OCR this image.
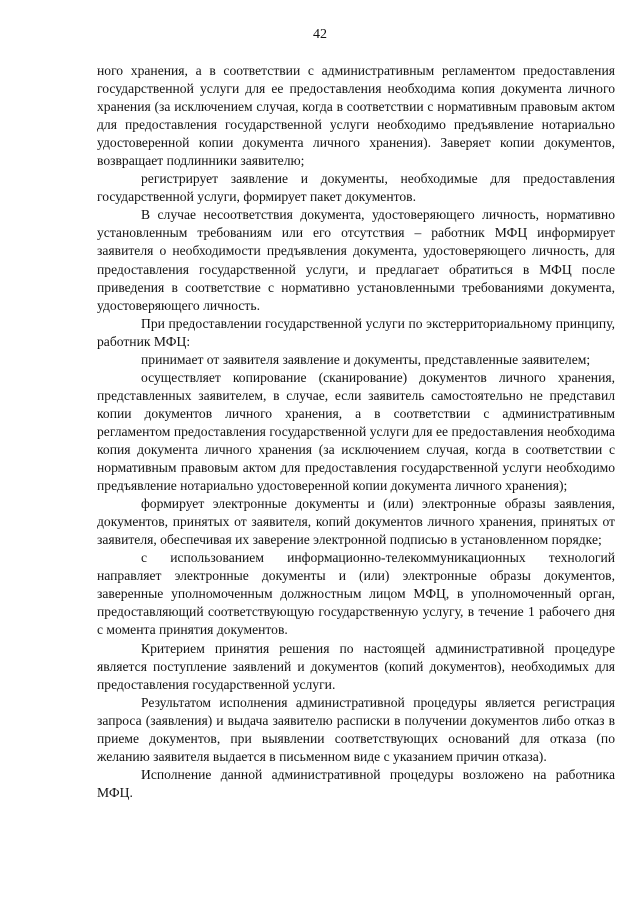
42

ного хранения, а в соответствии с административным регламентом предоставления государственной услуги для ее предоставления необходима копия документа личного хранения (за исключением случая, когда в соответствии с нормативным правовым актом для предоставления государственной услуги необходимо предъявление нотариально удостоверенной копии документа личного хранения). Заверяет копии документов, возвращает подлинники заявителю;

регистрирует заявление и документы, необходимые для предоставления государственной услуги, формирует пакет документов.

В случае несоответствия документа, удостоверяющего личность, нормативно установленным требованиям или его отсутствия – работник МФЦ информирует заявителя о необходимости предъявления документа, удостоверяющего личность, для предоставления государственной услуги, и предлагает обратиться в МФЦ после приведения в соответствие с нормативно установленными требованиями документа, удостоверяющего личность.

При предоставлении государственной услуги по экстерриториальному принципу, работник МФЦ:

принимает от заявителя заявление и документы, представленные заявителем;

осуществляет копирование (сканирование) документов личного хранения, представленных заявителем, в случае, если заявитель самостоятельно не представил копии документов личного хранения, а в соответствии с административным регламентом предоставления государственной услуги для ее предоставления необходима копия документа личного хранения (за исключением случая, когда в соответствии с нормативным правовым актом для предоставления государственной услуги необходимо предъявление нотариально удостоверенной копии документа личного хранения);

формирует электронные документы и (или) электронные образы заявления, документов, принятых от заявителя, копий документов личного хранения, принятых от заявителя, обеспечивая их заверение электронной подписью в установленном порядке;

с использованием информационно-телекоммуникационных технологий направляет электронные документы и (или) электронные образы документов, заверенные уполномоченным должностным лицом МФЦ, в уполномоченный орган, предоставляющий соответствующую государственную услугу, в течение 1 рабочего дня с момента принятия документов.

Критерием принятия решения по настоящей административной процедуре является поступление заявлений и документов (копий документов), необходимых для предоставления государственной услуги.

Результатом исполнения административной процедуры является регистрация запроса (заявления) и выдача заявителю расписки в получении документов либо отказ в приеме документов, при выявлении соответствующих оснований для отказа (по желанию заявителя выдается в письменном виде с указанием причин отказа).

Исполнение данной административной процедуры возложено на работника МФЦ.
